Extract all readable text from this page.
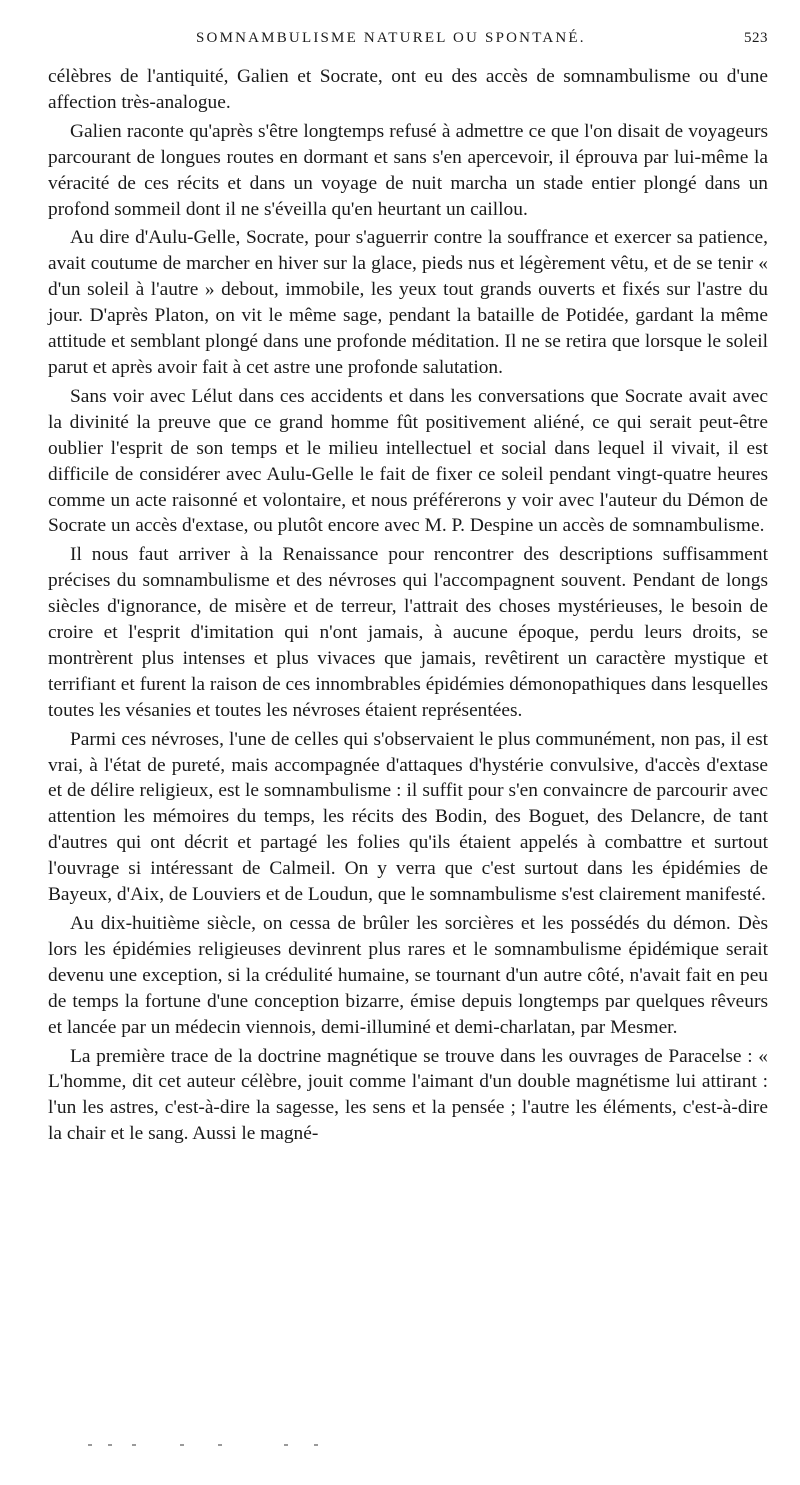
SOMNAMBULISME NATUREL OU SPONTANÉ.	523

célèbres de l'antiquité, Galien et Socrate, ont eu des accès de somnambulisme ou d'une affection très-analogue.

Galien raconte qu'après s'être longtemps refusé à admettre ce que l'on disait de voyageurs parcourant de longues routes en dormant et sans s'en apercevoir, il éprouva par lui-même la véracité de ces récits et dans un voyage de nuit marcha un stade entier plongé dans un profond sommeil dont il ne s'éveilla qu'en heurtant un caillou.

Au dire d'Aulu-Gelle, Socrate, pour s'aguerrir contre la souffrance et exercer sa patience, avait coutume de marcher en hiver sur la glace, pieds nus et légèrement vêtu, et de se tenir « d'un soleil à l'autre » debout, immobile, les yeux tout grands ouverts et fixés sur l'astre du jour. D'après Platon, on vit le même sage, pendant la bataille de Potidée, gardant la même attitude et semblant plongé dans une profonde méditation. Il ne se retira que lorsque le soleil parut et après avoir fait à cet astre une profonde salutation.

Sans voir avec Lélut dans ces accidents et dans les conversations que Socrate avait avec la divinité la preuve que ce grand homme fût positivement aliéné, ce qui serait peut-être oublier l'esprit de son temps et le milieu intellectuel et social dans lequel il vivait, il est difficile de considérer avec Aulu-Gelle le fait de fixer ce soleil pendant vingt-quatre heures comme un acte raisonné et volontaire, et nous préférerons y voir avec l'auteur du Démon de Socrate un accès d'extase, ou plutôt encore avec M. P. Despine un accès de somnambulisme.

Il nous faut arriver à la Renaissance pour rencontrer des descriptions suffisamment précises du somnambulisme et des névroses qui l'accompagnent souvent. Pendant de longs siècles d'ignorance, de misère et de terreur, l'attrait des choses mystérieuses, le besoin de croire et l'esprit d'imitation qui n'ont jamais, à aucune époque, perdu leurs droits, se montrèrent plus intenses et plus vivaces que jamais, revêtirent un caractère mystique et terrifiant et furent la raison de ces innombrables épidémies démonopathiques dans lesquelles toutes les vésanies et toutes les névroses étaient représentées.

Parmi ces névroses, l'une de celles qui s'observaient le plus communément, non pas, il est vrai, à l'état de pureté, mais accompagnée d'attaques d'hystérie convulsive, d'accès d'extase et de délire religieux, est le somnambulisme : il suffit pour s'en convaincre de parcourir avec attention les mémoires du temps, les récits des Bodin, des Boguet, des Delancre, de tant d'autres qui ont décrit et partagé les folies qu'ils étaient appelés à combattre et surtout l'ouvrage si intéressant de Calmeil. On y verra que c'est surtout dans les épidémies de Bayeux, d'Aix, de Louviers et de Loudun, que le somnambulisme s'est clairement manifesté.

Au dix-huitième siècle, on cessa de brûler les sorcières et les possédés du démon. Dès lors les épidémies religieuses devinrent plus rares et le somnambulisme épidémique serait devenu une exception, si la crédulité humaine, se tournant d'un autre côté, n'avait fait en peu de temps la fortune d'une conception bizarre, émise depuis longtemps par quelques rêveurs et lancée par un médecin viennois, demi-illuminé et demi-charlatan, par Mesmer.

La première trace de la doctrine magnétique se trouve dans les ouvrages de Paracelse : « L'homme, dit cet auteur célèbre, jouit comme l'aimant d'un double magnétisme lui attirant : l'un les astres, c'est-à-dire la sagesse, les sens et la pensée ; l'autre les éléments, c'est-à-dire la chair et le sang. Aussi le magné-
